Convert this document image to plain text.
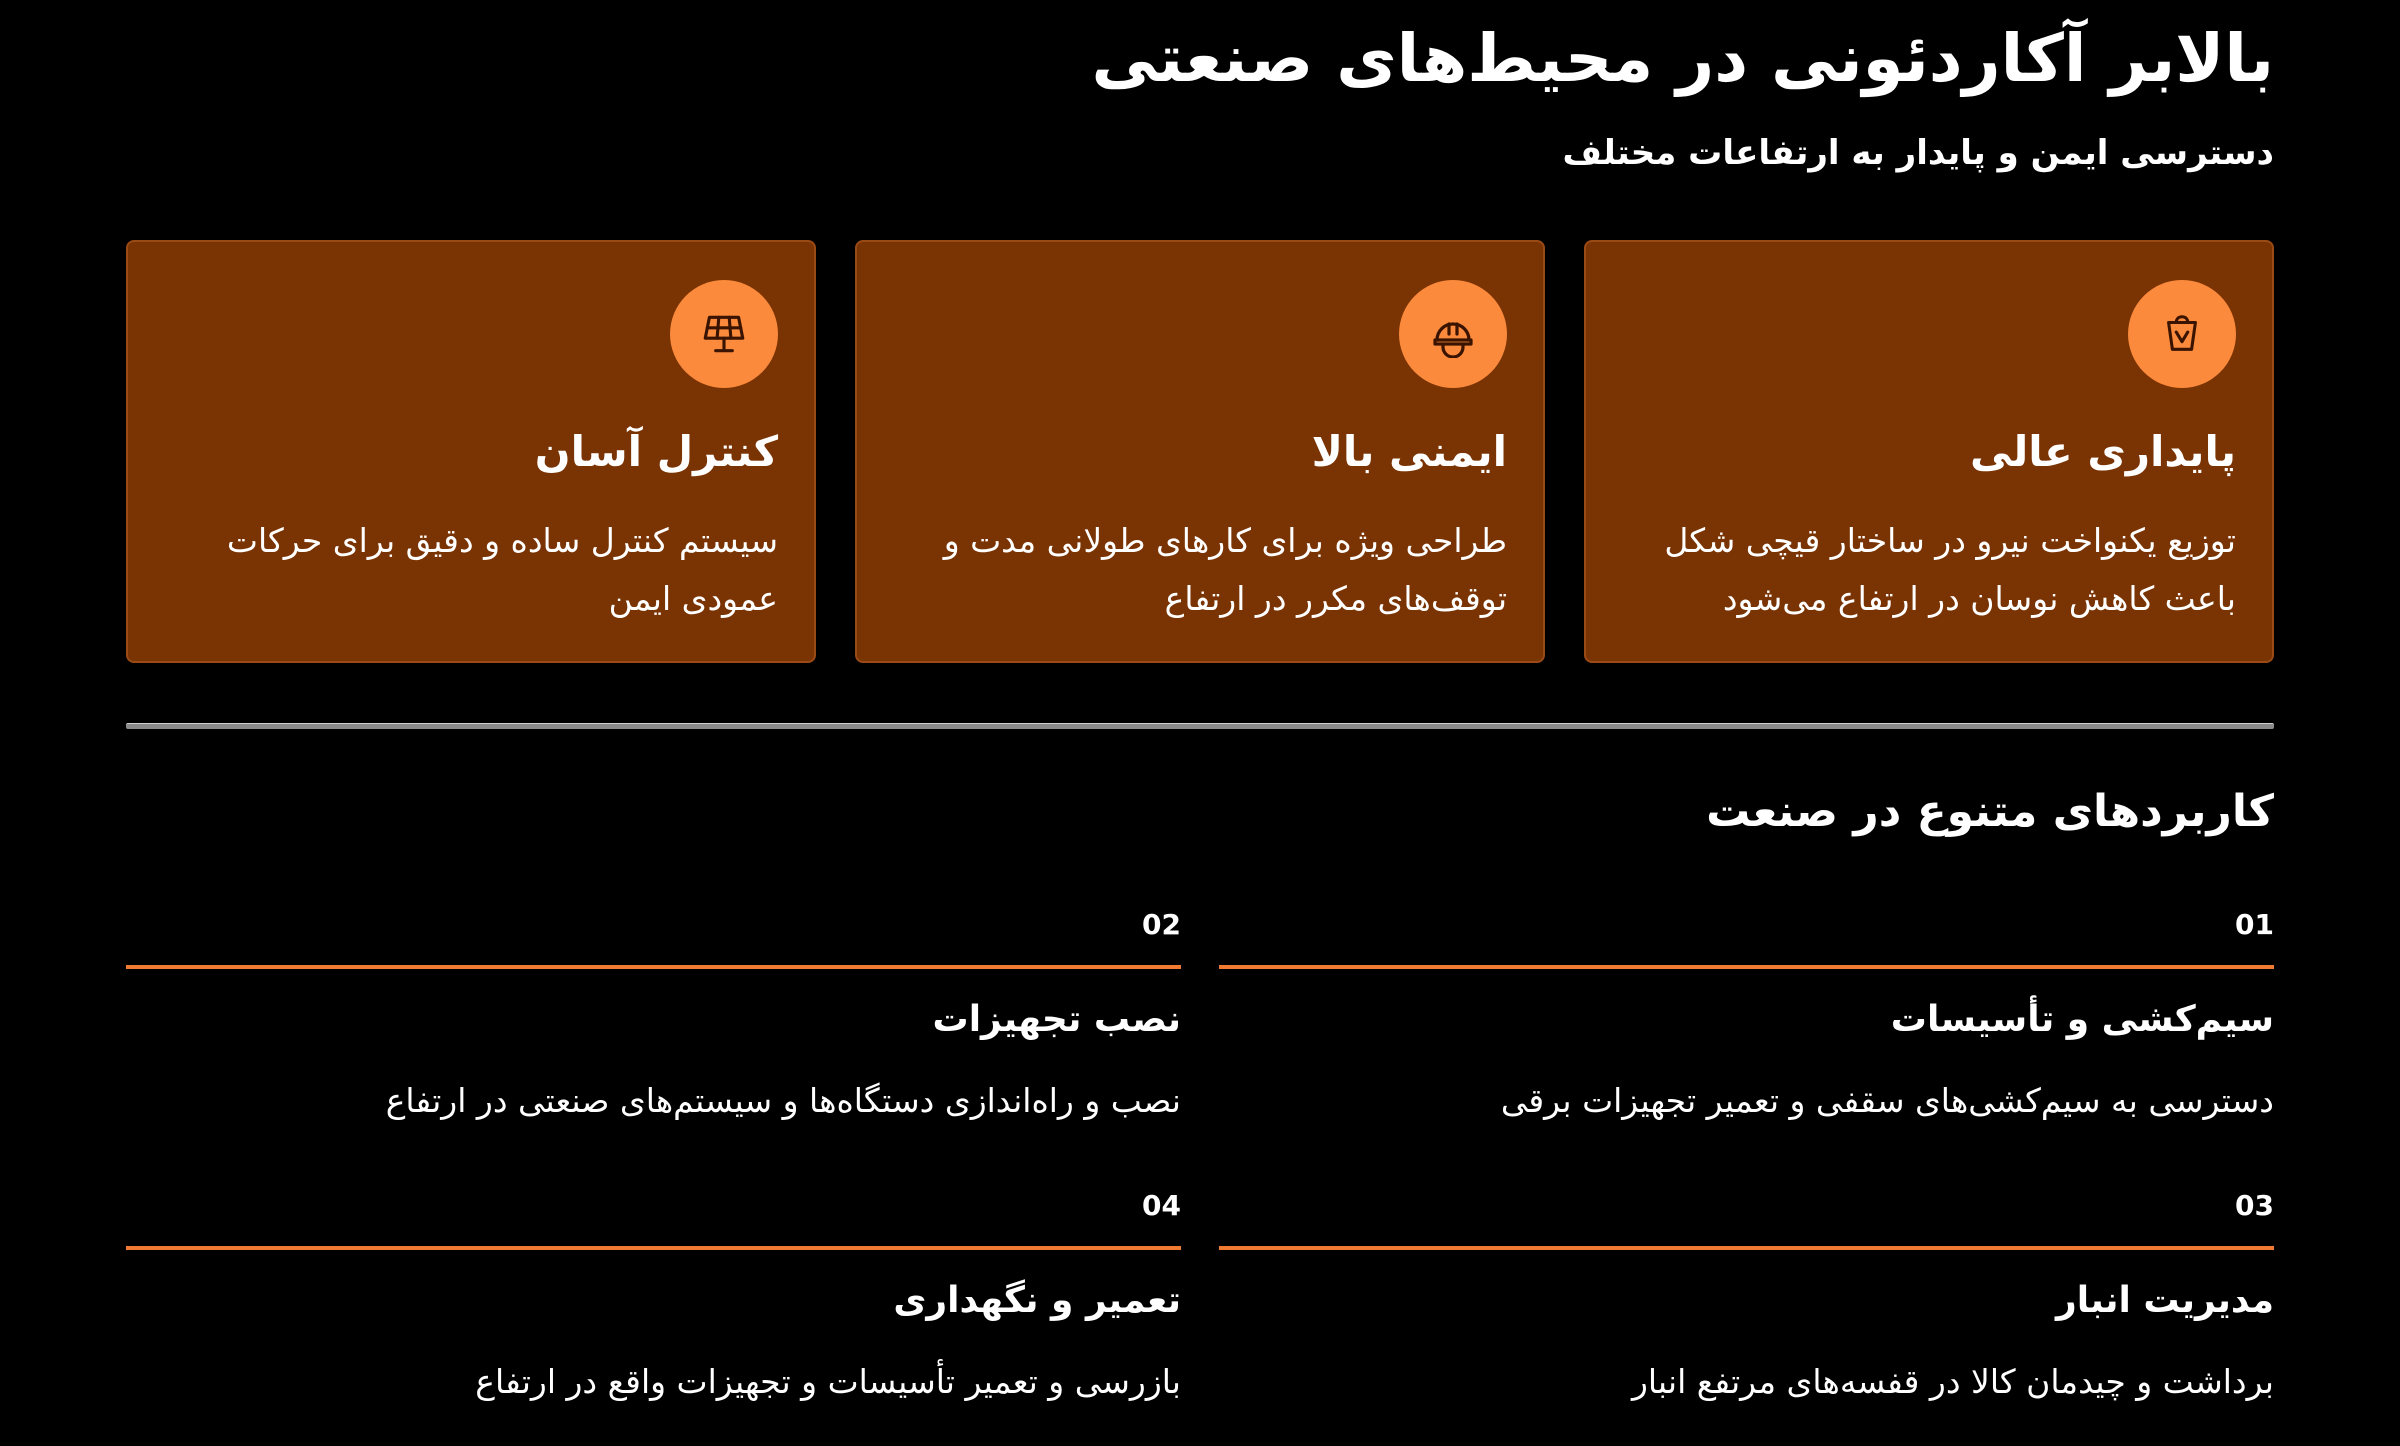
بالابر آکاردئونی در محیط‌های صنعتی
دسترسی ایمن و پایدار به ارتفاعات مختلف
پایداری عالی
توزیع یکنواخت نیرو در ساختار قیچی شکل باعث کاهش نوسان در ارتفاع می‌شود
ایمنی بالا
طراحی ویژه برای کارهای طولانی مدت و توقف‌های مکرر در ارتفاع
کنترل آسان
سیستم کنترل ساده و دقیق برای حرکات عمودی ایمن
کاربردهای متنوع در صنعت
01
سیم‌کشی و تأسیسات
دسترسی به سیم‌کشی‌های سقفی و تعمیر تجهیزات برقی
02
نصب تجهیزات
نصب و راه‌اندازی دستگاه‌ها و سیستم‌های صنعتی در ارتفاع
03
مدیریت انبار
برداشت و چیدمان کالا در قفسه‌های مرتفع انبار
04
تعمیر و نگهداری
بازرسی و تعمیر تأسیسات و تجهیزات واقع در ارتفاع
